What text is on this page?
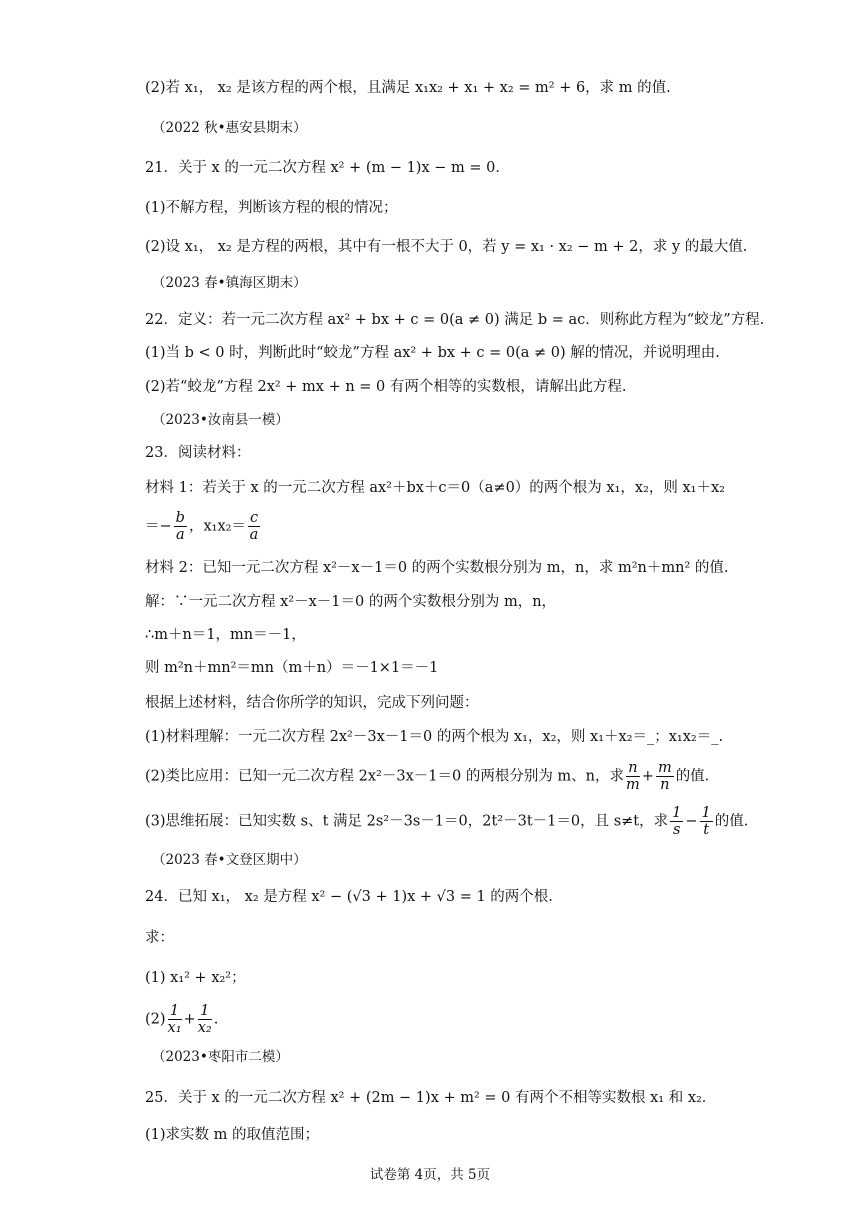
(2)若 x₁， x₂ 是该方程的两个根，且满足 x₁x₂ + x₁ + x₂ = m² + 6，求 m 的值.
（2022 秋•惠安县期末）
21．关于 x 的一元二次方程 x² + (m − 1)x − m = 0．
(1)不解方程，判断该方程的根的情况；
(2)设 x₁， x₂ 是方程的两根，其中有一根不大于 0，若 y = x₁ · x₂ − m + 2，求 y 的最大值.
（2023 春•镇海区期末）
22．定义：若一元二次方程 ax² + bx + c = 0(a ≠ 0) 满足 b = ac．则称此方程为“蛟龙”方程.
(1)当 b < 0 时，判断此时“蛟龙”方程 ax² + bx + c = 0(a ≠ 0) 解的情况，并说明理由.
(2)若“蛟龙”方程 2x² + mx + n = 0 有两个相等的实数根，请解出此方程.
（2023•汝南县一模）
23．阅读材料：
材料 1：若关于 x 的一元二次方程 ax²＋bx＋c＝0（a≠0）的两个根为 x₁，x₂，则 x₁＋x₂
＝− $\frac{b}{a}$ ，$x_1x_2= \frac{c}{a}$
材料 2：已知一元二次方程 x²－x－1＝0 的两个实数根分别为 m，n，求 m²n＋mn² 的值.
解：∵一元二次方程 x²－x－1＝0 的两个实数根分别为 m，n，
∴m＋n＝1，mn＝－1，
则 m²n＋mn²＝mn（m＋n）＝－1×1＝－1
根据上述材料，结合你所学的知识，完成下列问题：
(1)材料理解：一元二次方程 2x²－3x－1＝0 的两个根为 x₁，x₂，则 x₁＋x₂＝_；x₁x₂＝_.
(2)类比应用：已知一元二次方程 2x²－3x－1＝0 的两根分别为 m、n，求 $\frac{n}{m} + \frac{m}{n}$ 的值.
(3)思维拓展：已知实数 s、t 满足 2s²－3s－1＝0，2t²－3t－1＝0，且 s≠t，求 $\frac{1}{s} - \frac{1}{t}$ 的值.
（2023 春•文登区期中）
24．已知 x₁， x₂ 是方程 x² − (√3 + 1)x + √3 = 1 的两个根.
求：
(1) x₁² + x₂²；
$(2) \frac{1}{\text{x₁}} + \frac{1}{\text{x₂}}$ .
（2023•枣阳市二模）
25．关于 x 的一元二次方程 x² + (2m − 1)x + m² = 0 有两个不相等实数根 x₁ 和 x₂．
(1)求实数 m 的取值范围；
试卷第 4页，共 5页
